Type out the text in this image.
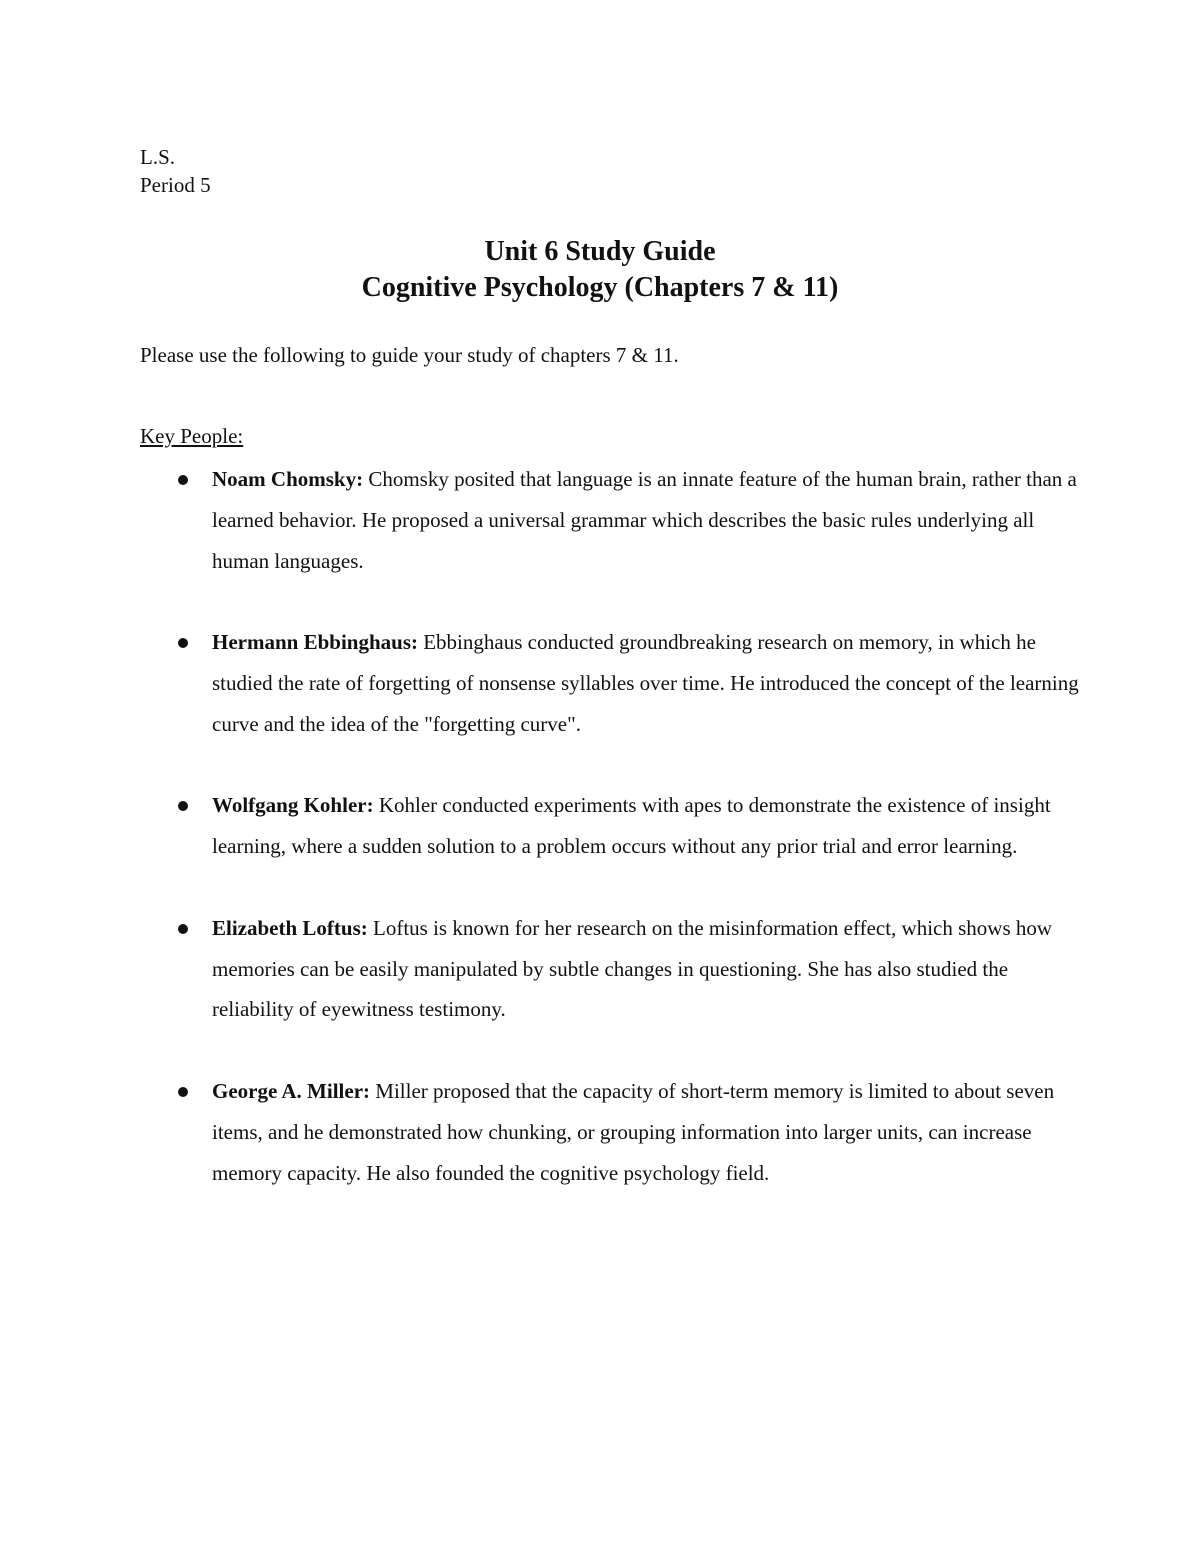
L.S.
Period 5
Unit 6 Study Guide
Cognitive Psychology (Chapters 7 & 11)
Please use the following to guide your study of chapters 7 & 11.
Key People:
Noam Chomsky: Chomsky posited that language is an innate feature of the human brain, rather than a learned behavior. He proposed a universal grammar which describes the basic rules underlying all human languages.
Hermann Ebbinghaus: Ebbinghaus conducted groundbreaking research on memory, in which he studied the rate of forgetting of nonsense syllables over time. He introduced the concept of the learning curve and the idea of the "forgetting curve".
Wolfgang Kohler: Kohler conducted experiments with apes to demonstrate the existence of insight learning, where a sudden solution to a problem occurs without any prior trial and error learning.
Elizabeth Loftus: Loftus is known for her research on the misinformation effect, which shows how memories can be easily manipulated by subtle changes in questioning. She has also studied the reliability of eyewitness testimony.
George A. Miller: Miller proposed that the capacity of short-term memory is limited to about seven items, and he demonstrated how chunking, or grouping information into larger units, can increase memory capacity. He also founded the cognitive psychology field.
